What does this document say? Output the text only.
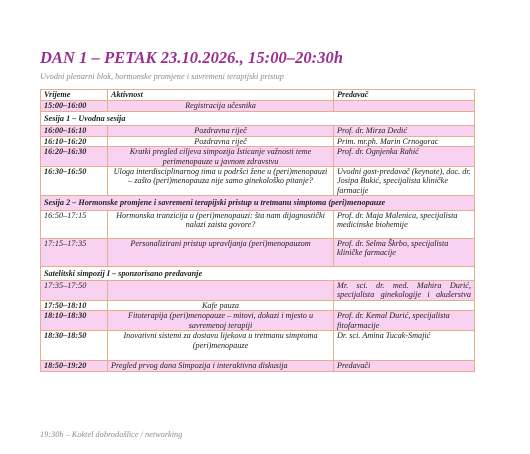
DAN 1 – PETAK 23.10.2026., 15:00–20:30h
Uvodni plenarni blok, hormonske promjene i savremeni terapijski pristup
Vrijeme	Aktivnost	Predavač
15:00–16:00	Registracija učesnika	
Sesija 1 – Uvodna sesija		
16:00–16:10	Pozdravna riječ	Prof. dr. Mirza Dedić
16:10–16:20	Pozdravna riječ	Prim. mr.ph. Marin Crnogorac
16:20–16:30	Kratki pregled ciljeva simpozija Isticanje važnosti teme perimenopauze u javnom zdravstvu	Prof. dr. Ognjenka Rahić
16:30–16:50	Uloga interdisciplinarnog tima u podršci žene u (peri)menopauzi – zašto (peri)menopauza nije samo ginekološko pitanje?	Uvodni gost-predavač (keynote), doc. dr. Josipa Bukić, specijalista kliničke farmacije
Sesija 2 – Hormonske promjene i savremeni terapijski pristup u tretmanu simptoma (peri)menopauze		
16:50–17:15	Hormonska tranzicija u (peri)menopauzi: šta nam dijagnostički nalazi zaista govore?	Prof. dr. Maja Malenica, specijalista medicinske biohemije
17:15–17:35	Personalizirani pristup upravljanja (peri)menopauzom	Prof. dr. Selma Škrbo, specijalista kliničke farmacije
Satelitski simpozij I – sponzorisano predavanje		
17:35–17:50		Mr. sci. dr. med. Mahira Durić, specijalista ginekologije i akušerstva
17:50–18:10	Kafe pauza	
18:10–18:30	Fitoterapija (peri)menopauze – mitovi, dokazi i mjesto u savremenoj terapiji	Prof. dr. Kemal Durić, specijalista fitofarmacije
18:30–18:50	Inovativni sistemi za dostavu lijekova u tretmanu simptoma (peri)menopauze	Dr. sci. Amina Tucak-Smajić
18:50–19:20	Pregled prvog dana Simpozija i interaktivna diskusija	Predavači
19:30h – Koktel dobrodošlice / networking
